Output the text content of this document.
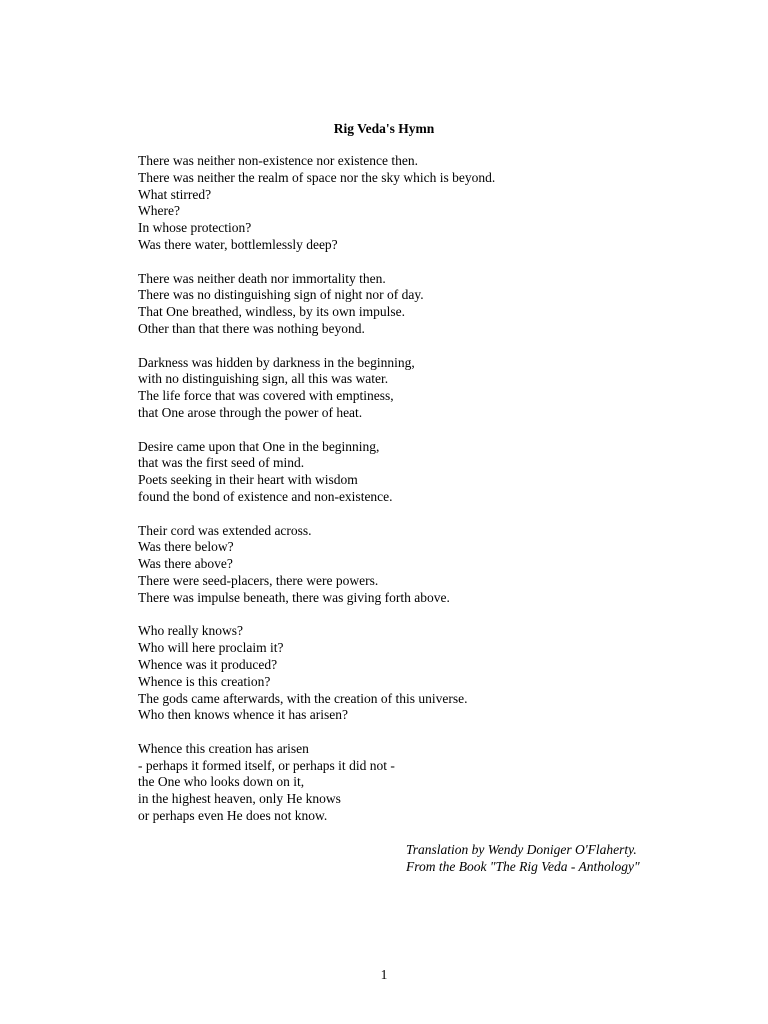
Rig Veda's Hymn
There was neither non-existence nor existence then.
There was neither the realm of space nor the sky which is beyond.
What stirred?
Where?
In whose protection?
Was there water, bottlemlessly deep?
There was neither death nor immortality then.
There was no distinguishing sign of night nor of day.
That One breathed, windless, by its own impulse.
Other than that there was nothing beyond.
Darkness was hidden by darkness in the beginning,
with no distinguishing sign, all this was water.
The life force that was covered with emptiness,
that One arose through the power of heat.
Desire came upon that One in the beginning,
that was the first seed of mind.
Poets seeking in their heart with wisdom
found the bond of existence and non-existence.
Their cord was extended across.
Was there below?
Was there above?
There were seed-placers, there were powers.
There was impulse beneath, there was giving forth above.
Who really knows?
Who will here proclaim it?
Whence was it produced?
Whence is this creation?
The gods came afterwards, with the creation of this universe.
Who then knows whence it has arisen?
Whence this creation has arisen
- perhaps it formed itself, or perhaps it did not -
the One who looks down on it,
in the highest heaven, only He knows
or perhaps even He does not know.
Translation by Wendy Doniger O'Flaherty.
From the Book "The Rig Veda - Anthology"
1
